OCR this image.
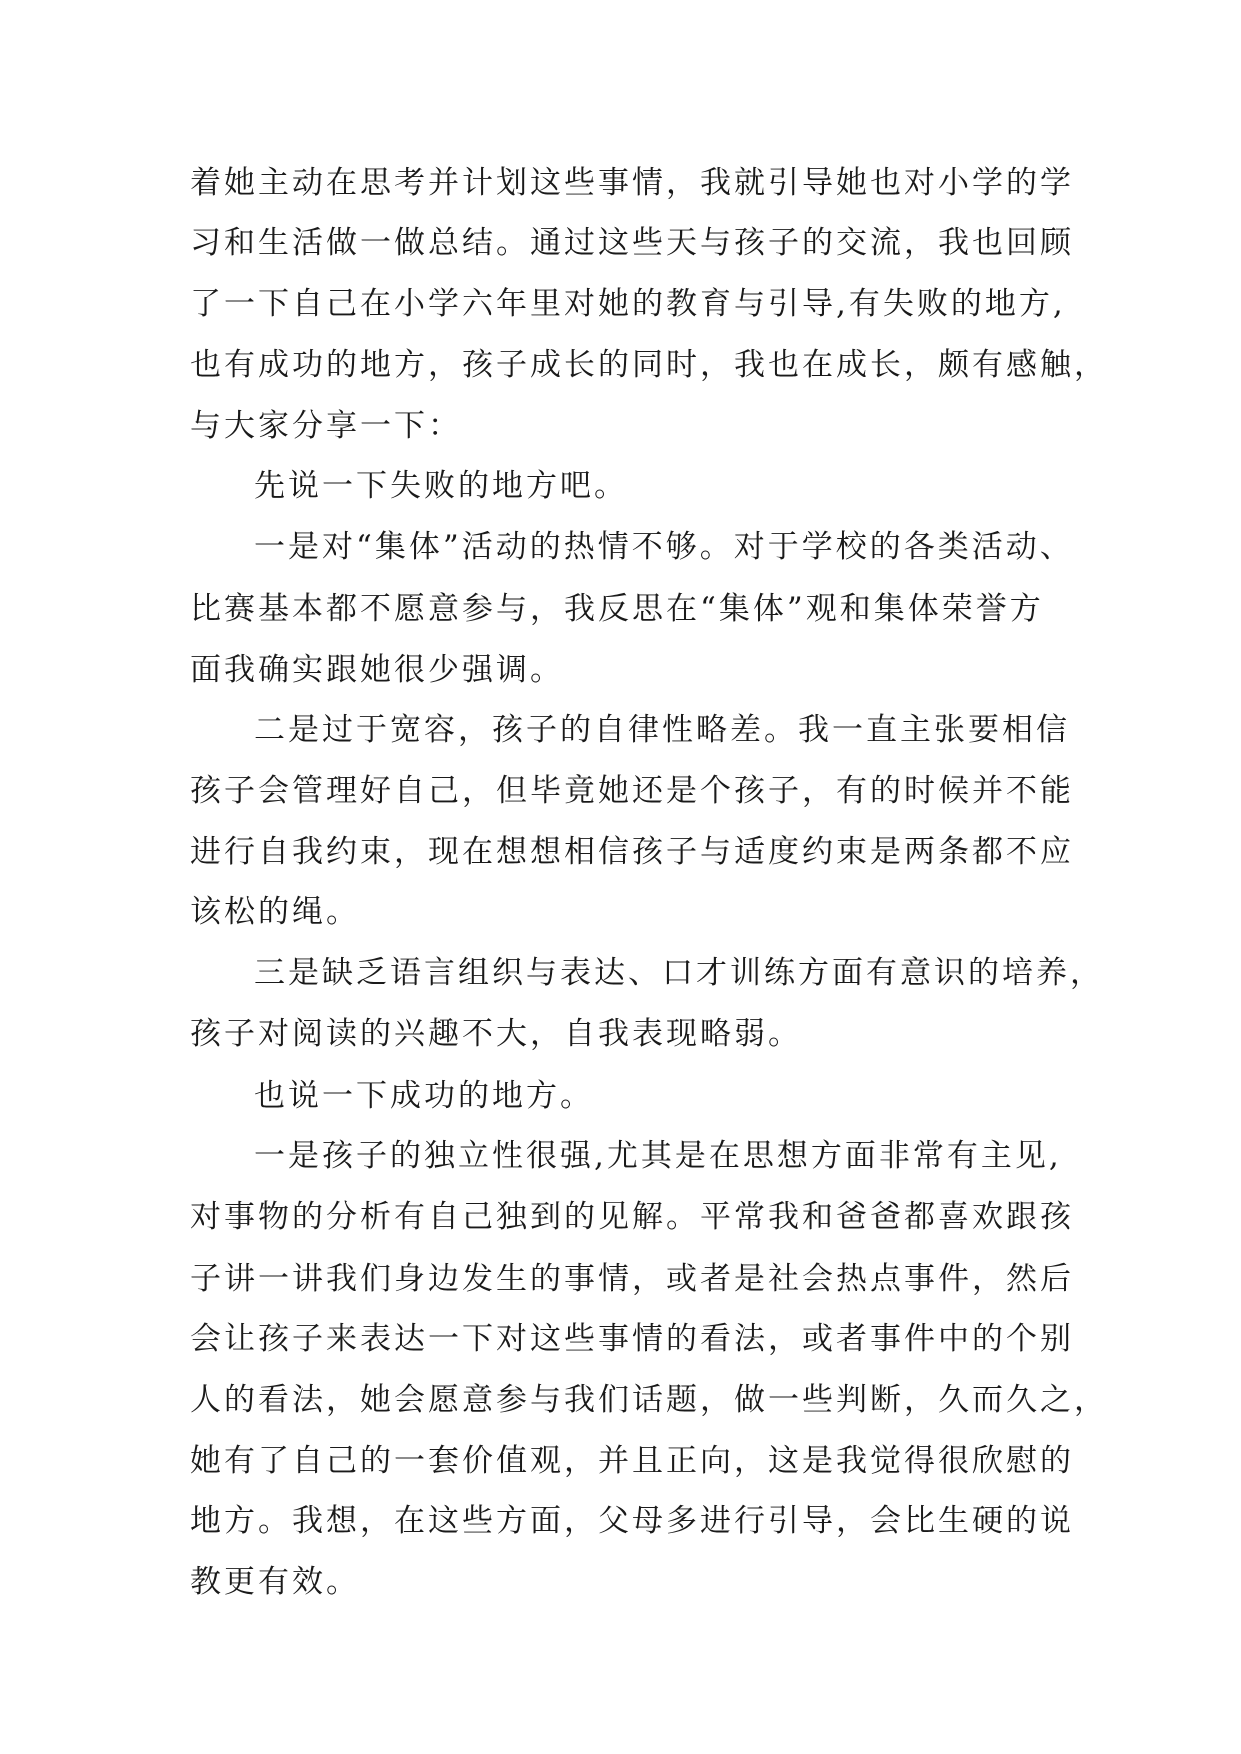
着她主动在思考并计划这些事情，我就引导她也对小学的学
习和生活做一做总结。通过这些天与孩子的交流，我也回顾
了一下自己在小学六年里对她的教育与引导,有失败的地方,
也有成功的地方，孩子成长的同时，我也在成长，颇有感触，
与大家分享一下：
先说一下失败的地方吧。
一是对“集体”活动的热情不够。对于学校的各类活动、
比赛基本都不愿意参与，我反思在“集体”观和集体荣誉方
面我确实跟她很少强调。
二是过于宽容，孩子的自律性略差。我一直主张要相信
孩子会管理好自己，但毕竟她还是个孩子，有的时候并不能
进行自我约束，现在想想相信孩子与适度约束是两条都不应
该松的绳。
三是缺乏语言组织与表达、口才训练方面有意识的培养，
孩子对阅读的兴趣不大，自我表现略弱。
也说一下成功的地方。
一是孩子的独立性很强,尤其是在思想方面非常有主见,
对事物的分析有自己独到的见解。平常我和爸爸都喜欢跟孩
子讲一讲我们身边发生的事情，或者是社会热点事件，然后
会让孩子来表达一下对这些事情的看法，或者事件中的个别
人的看法，她会愿意参与我们话题，做一些判断，久而久之，
她有了自己的一套价值观，并且正向，这是我觉得很欣慰的
地方。我想，在这些方面，父母多进行引导，会比生硬的说
教更有效。
